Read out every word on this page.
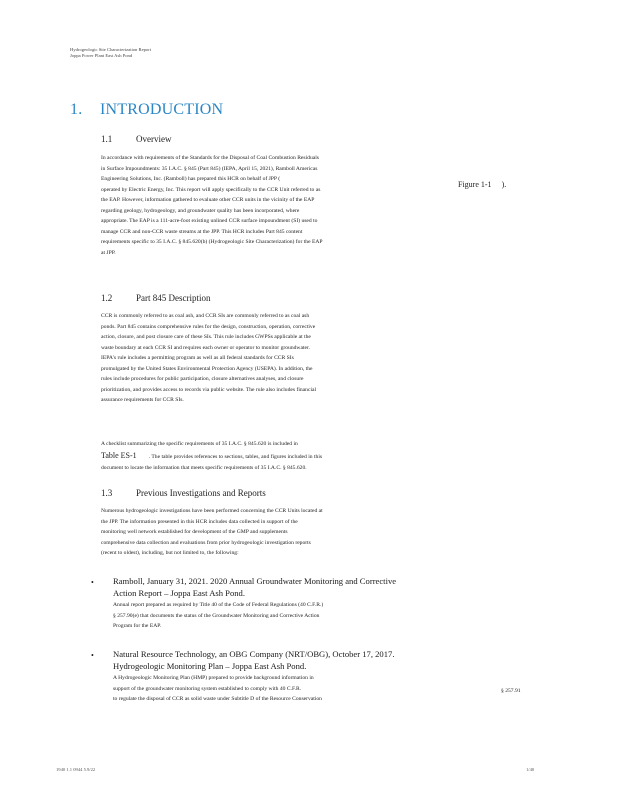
Hydrogeologic Site Characterization Report
Joppa Power Plant East Ash Pond
1. INTRODUCTION
1.1	Overview
In accordance with requirements of the Standards for the Disposal of Coal Combustion Residuals
in Surface Impoundments: 35 I.A.C. § 845 (Part 845) (IEPA, April 15, 2021), Ramboll Americas
Engineering Solutions, Inc. (Ramboll) has prepared this HCR on behalf of JPP (
operated by Electric Energy, Inc. This report will apply specifically to the CCR Unit referred to as
the EAP. However, information gathered to evaluate other CCR units in the vicinity of the EAP
regarding geology, hydrogeology, and groundwater quality has been incorporated, where
appropriate. The EAP is a 111-acre-foot existing unlined CCR surface impoundment (SI) used to
manage CCR and non-CCR waste streams at the JPP. This HCR includes Part 845 content
requirements specific to 35 I.A.C. § 845.620(b) (Hydrogeologic Site Characterization) for the EAP
at JPP.
Figure 1-1 ).
1.2	Part 845 Description
CCR is commonly referred to as coal ash, and CCR SIs are commonly referred to as coal ash
ponds. Part 845 contains comprehensive rules for the design, construction, operation, corrective
action, closure, and post closure care of these SIs. This rule includes GWPSs applicable at the
waste boundary at each CCR SI and requires each owner or operator to monitor groundwater.
IEPA's rule includes a permitting program as well as all federal standards for CCR SIs
promulgated by the United States Environmental Protection Agency (USEPA). In addition, the
rules include procedures for public participation, closure alternatives analyses, and closure
prioritization, and provides access to records via public website. The rule also includes financial
assurance requirements for CCR SIs.
A checklist summarizing the specific requirements of 35 I.A.C. § 845.620 is included in
Table ES-1 . The table provides references to sections, tables, and figures included in this
document to locate the information that meets specific requirements of 35 I.A.C. § 845.620.
1.3	Previous Investigations and Reports
Numerous hydrogeologic investigations have been performed concerning the CCR Units located at
the JPP. The information presented in this HCR includes data collected in support of the
monitoring well network established for development of the GMP and supplements
comprehensive data collection and evaluations from prior hydrogeologic investigation reports
(recent to oldest), including, but not limited to, the following:
• Ramboll, January 31, 2021. 2020 Annual Groundwater Monitoring and Corrective
Action Report – Joppa East Ash Pond.
Annual report prepared as required by Title 40 of the Code of Federal Regulations (40 C.F.R.)
§ 257.90(e) that documents the status of the Groundwater Monitoring and Corrective Action
Program for the EAP.
• Natural Resource Technology, an OBG Company (NRT/OBG), October 17, 2017.
Hydrogeologic Monitoring Plan – Joppa East Ash Pond.
A Hydrogeologic Monitoring Plan (HMP) prepared to provide background information in
support of the groundwater monitoring system established to comply with 40 C.F.R.
to regulate the disposal of CCR as solid waste under Subtitle D of the Resource Conservation
§ 257.91
1940 1.1 0944 5.9/22	1/40
